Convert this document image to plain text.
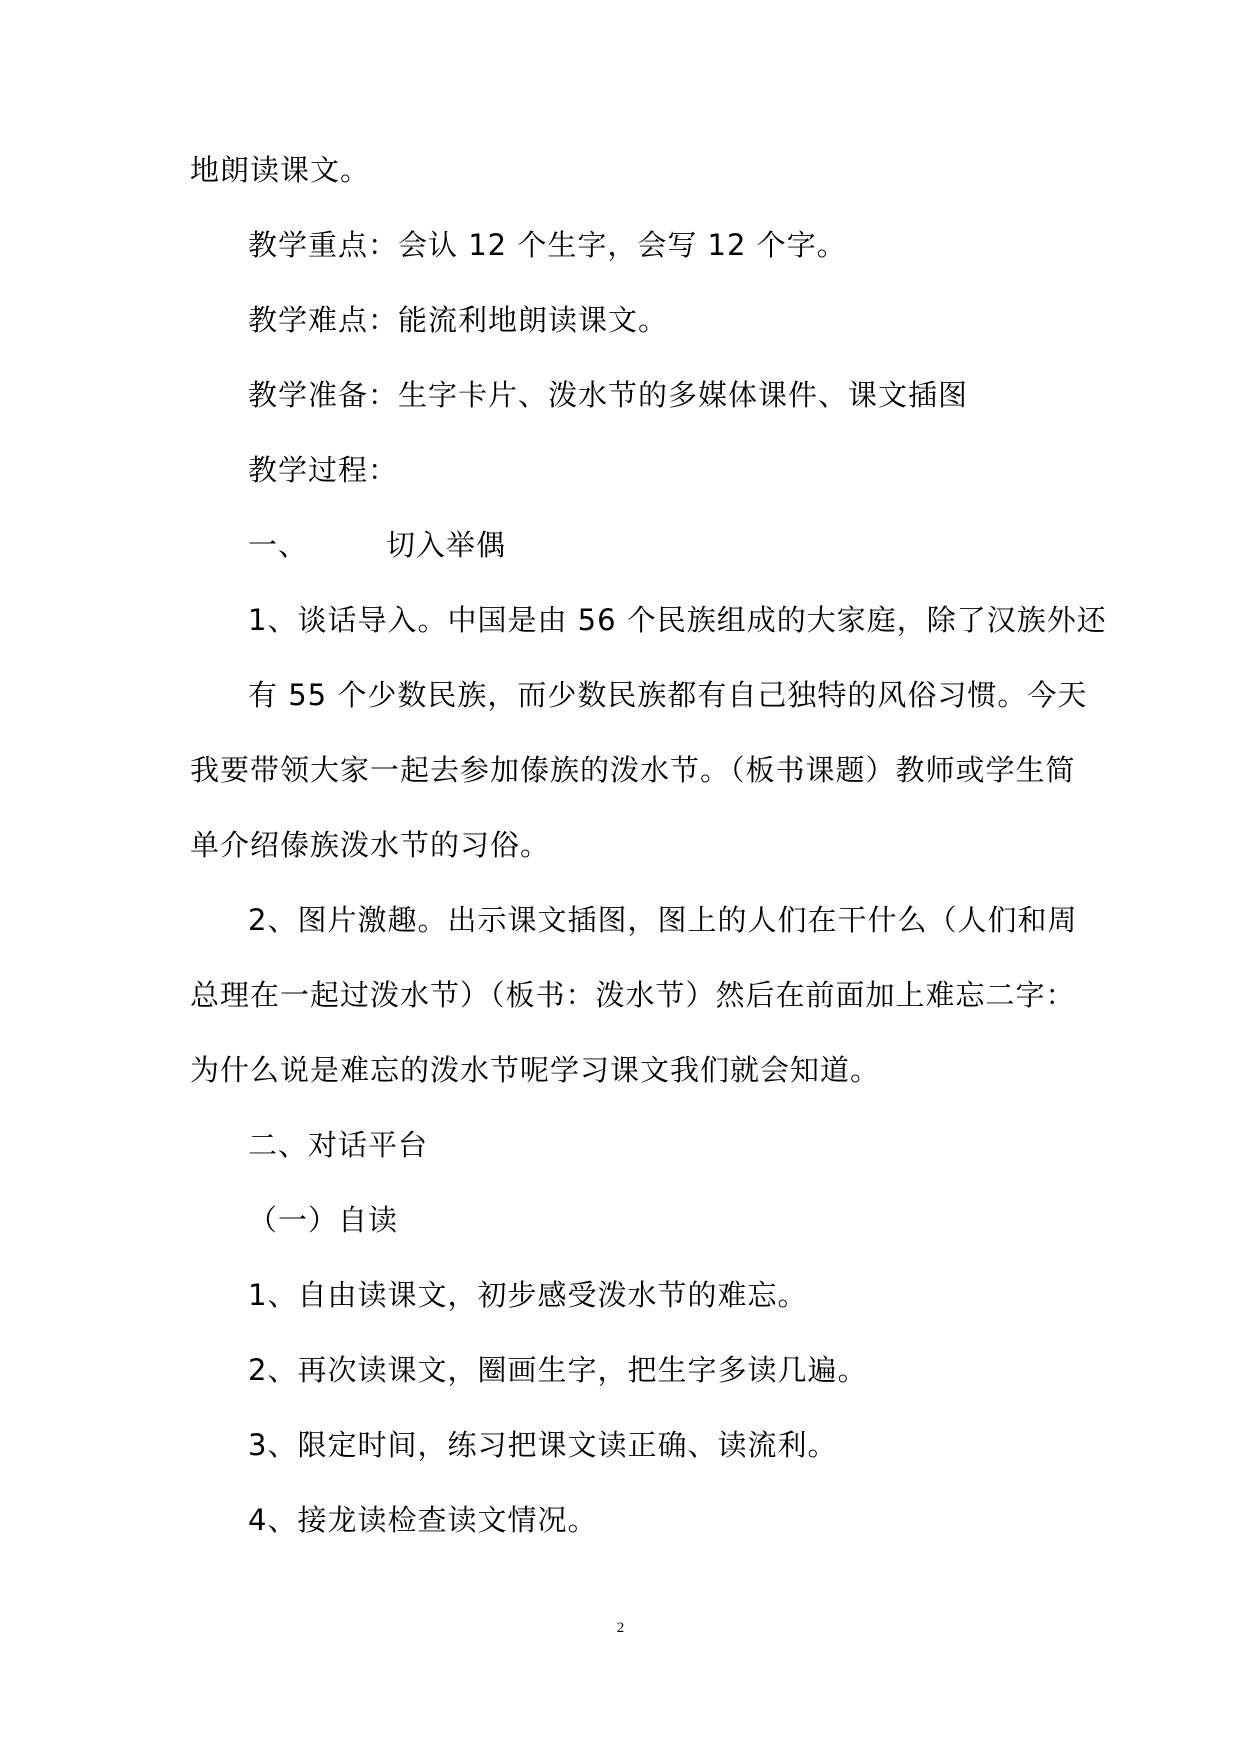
地朗读课文。
教学重点：会认 12 个生字，会写 12 个字。
教学难点：能流利地朗读课文。
教学准备：生字卡片、泼水节的多媒体课件、课文插图
教学过程：
一、	切入举偶
1、谈话导入。中国是由 56 个民族组成的大家庭，除了汉族外还
有 55 个少数民族，而少数民族都有自己独特的风俗习惯。今天
我要带领大家一起去参加傣族的泼水节。（板书课题）教师或学生简
单介绍傣族泼水节的习俗。
2、图片激趣。出示课文插图，图上的人们在干什么（人们和周
总理在一起过泼水节）（板书：泼水节）然后在前面加上难忘二字：
为什么说是难忘的泼水节呢学习课文我们就会知道。
二、对话平台
（一）自读
1、自由读课文，初步感受泼水节的难忘。
2、再次读课文，圈画生字，把生字多读几遍。
3、限定时间，练习把课文读正确、读流利。
4、接龙读检查读文情况。
2
